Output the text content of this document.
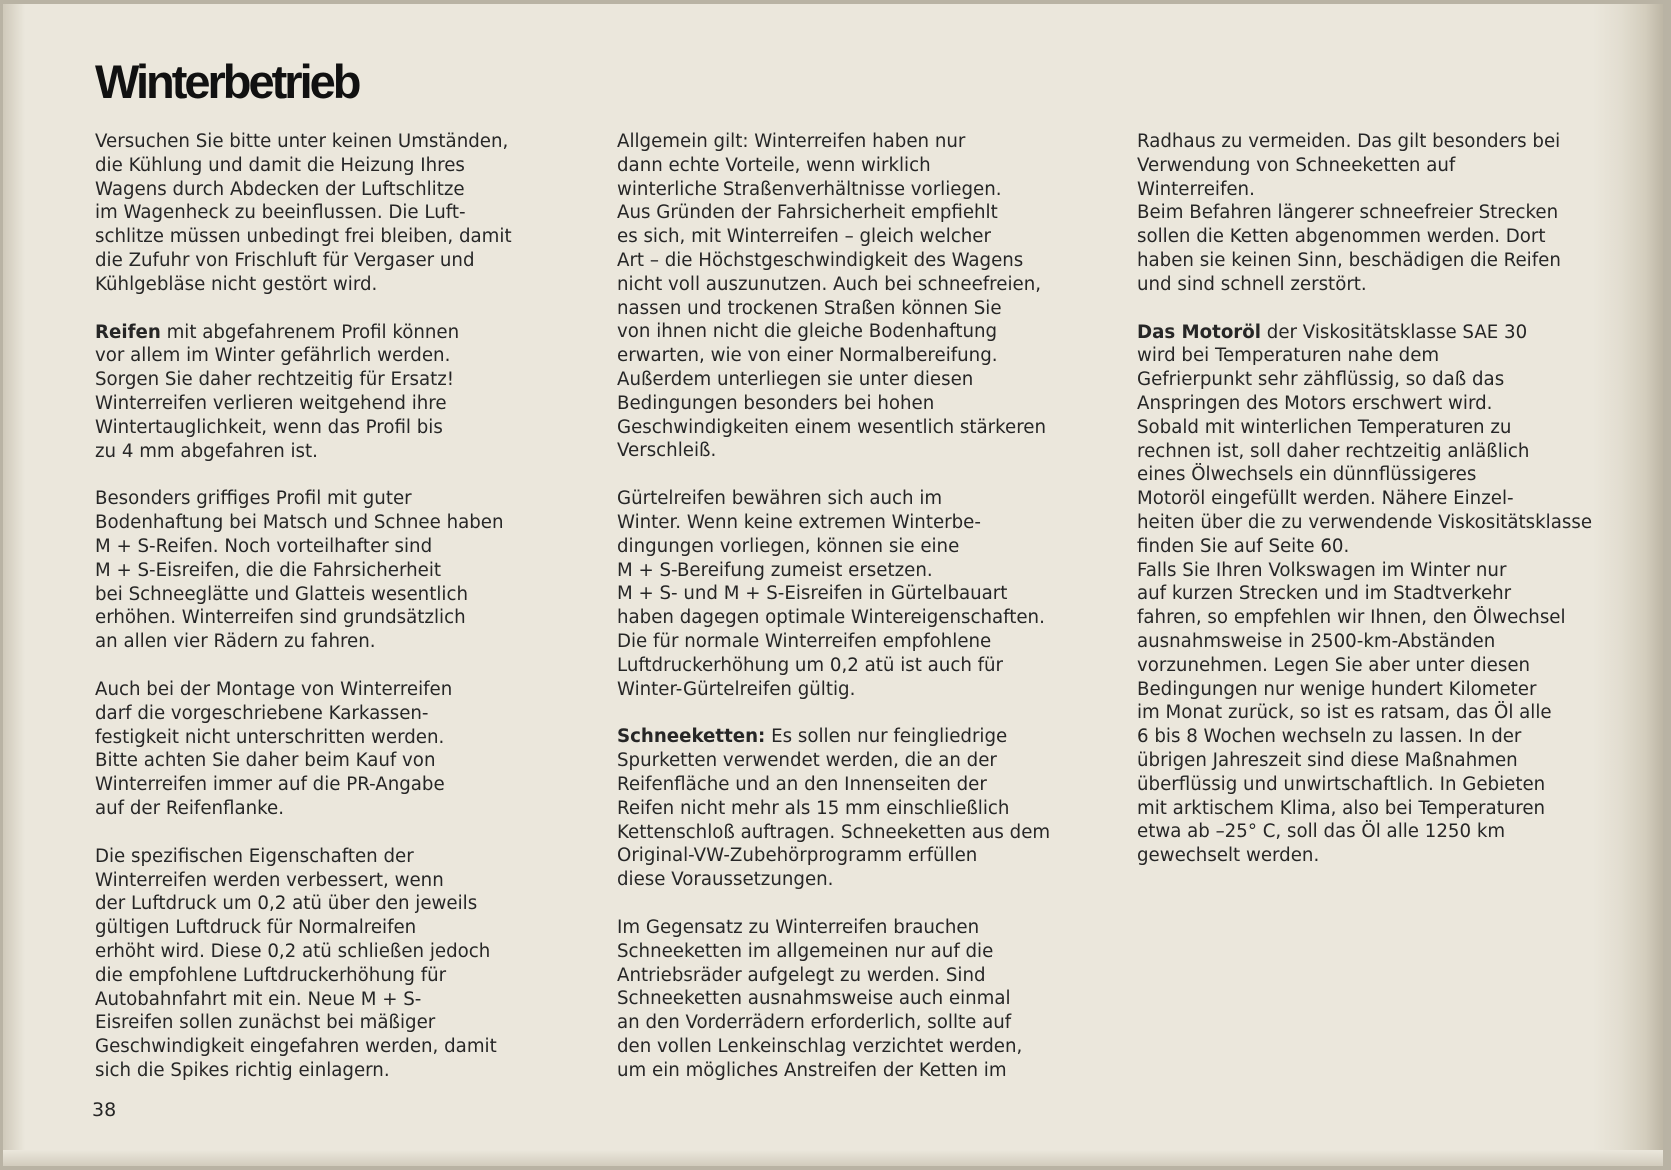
Winterbetrieb

Versuchen Sie bitte unter keinen Umständen,
die Kühlung und damit die Heizung Ihres
Wagens durch Abdecken der Luftschlitze
im Wagenheck zu beeinflussen. Die Luft-
schlitze müssen unbedingt frei bleiben, damit
die Zufuhr von Frischluft für Vergaser und
Kühlgebläse nicht gestört wird.

Reifen mit abgefahrenem Profil können
vor allem im Winter gefährlich werden.
Sorgen Sie daher rechtzeitig für Ersatz!
Winterreifen verlieren weitgehend ihre
Wintertauglichkeit, wenn das Profil bis
zu 4 mm abgefahren ist.

Besonders griffiges Profil mit guter
Bodenhaftung bei Matsch und Schnee haben
M + S-Reifen. Noch vorteilhafter sind
M + S-Eisreifen, die die Fahrsicherheit
bei Schneeglätte und Glatteis wesentlich
erhöhen. Winterreifen sind grundsätzlich
an allen vier Rädern zu fahren.

Auch bei der Montage von Winterreifen
darf die vorgeschriebene Karkassen-
festigkeit nicht unterschritten werden.
Bitte achten Sie daher beim Kauf von
Winterreifen immer auf die PR-Angabe
auf der Reifenflanke.

Die spezifischen Eigenschaften der
Winterreifen werden verbessert, wenn
der Luftdruck um 0,2 atü über den jeweils
gültigen Luftdruck für Normalreifen
erhöht wird. Diese 0,2 atü schließen jedoch
die empfohlene Luftdruckerhöhung für
Autobahnfahrt mit ein. Neue M + S-
Eisreifen sollen zunächst bei mäßiger
Geschwindigkeit eingefahren werden, damit
sich die Spikes richtig einlagern.

Allgemein gilt: Winterreifen haben nur
dann echte Vorteile, wenn wirklich
winterliche Straßenverhältnisse vorliegen.
Aus Gründen der Fahrsicherheit empfiehlt
es sich, mit Winterreifen – gleich welcher
Art – die Höchstgeschwindigkeit des Wagens
nicht voll auszunutzen. Auch bei schneefreien,
nassen und trockenen Straßen können Sie
von ihnen nicht die gleiche Bodenhaftung
erwarten, wie von einer Normalbereifung.
Außerdem unterliegen sie unter diesen
Bedingungen besonders bei hohen
Geschwindigkeiten einem wesentlich stärkeren
Verschleiß.

Gürtelreifen bewähren sich auch im
Winter. Wenn keine extremen Winterbe-
dingungen vorliegen, können sie eine
M + S-Bereifung zumeist ersetzen.
M + S- und M + S-Eisreifen in Gürtelbauart
haben dagegen optimale Wintereigenschaften.
Die für normale Winterreifen empfohlene
Luftdruckerhöhung um 0,2 atü ist auch für
Winter-Gürtelreifen gültig.

Schneeketten: Es sollen nur feingliedrige
Spurketten verwendet werden, die an der
Reifenfläche und an den Innenseiten der
Reifen nicht mehr als 15 mm einschließlich
Kettenschloß auftragen. Schneeketten aus dem
Original-VW-Zubehörprogramm erfüllen
diese Voraussetzungen.

Im Gegensatz zu Winterreifen brauchen
Schneeketten im allgemeinen nur auf die
Antriebsräder aufgelegt zu werden. Sind
Schneeketten ausnahmsweise auch einmal
an den Vorderrädern erforderlich, sollte auf
den vollen Lenkeinschlag verzichtet werden,
um ein mögliches Anstreifen der Ketten im

Radhaus zu vermeiden. Das gilt besonders bei
Verwendung von Schneeketten auf
Winterreifen.
Beim Befahren längerer schneefreier Strecken
sollen die Ketten abgenommen werden. Dort
haben sie keinen Sinn, beschädigen die Reifen
und sind schnell zerstört.

Das Motoröl der Viskositätsklasse SAE 30
wird bei Temperaturen nahe dem
Gefrierpunkt sehr zähflüssig, so daß das
Anspringen des Motors erschwert wird.
Sobald mit winterlichen Temperaturen zu
rechnen ist, soll daher rechtzeitig anläßlich
eines Ölwechsels ein dünnflüssigeres
Motoröl eingefüllt werden. Nähere Einzel-
heiten über die zu verwendende Viskositätsklasse
finden Sie auf Seite 60.
Falls Sie Ihren Volkswagen im Winter nur
auf kurzen Strecken und im Stadtverkehr
fahren, so empfehlen wir Ihnen, den Ölwechsel
ausnahmsweise in 2500-km-Abständen
vorzunehmen. Legen Sie aber unter diesen
Bedingungen nur wenige hundert Kilometer
im Monat zurück, so ist es ratsam, das Öl alle
6 bis 8 Wochen wechseln zu lassen. In der
übrigen Jahreszeit sind diese Maßnahmen
überflüssig und unwirtschaftlich. In Gebieten
mit arktischem Klima, also bei Temperaturen
etwa ab –25° C, soll das Öl alle 1250 km
gewechselt werden.

38
